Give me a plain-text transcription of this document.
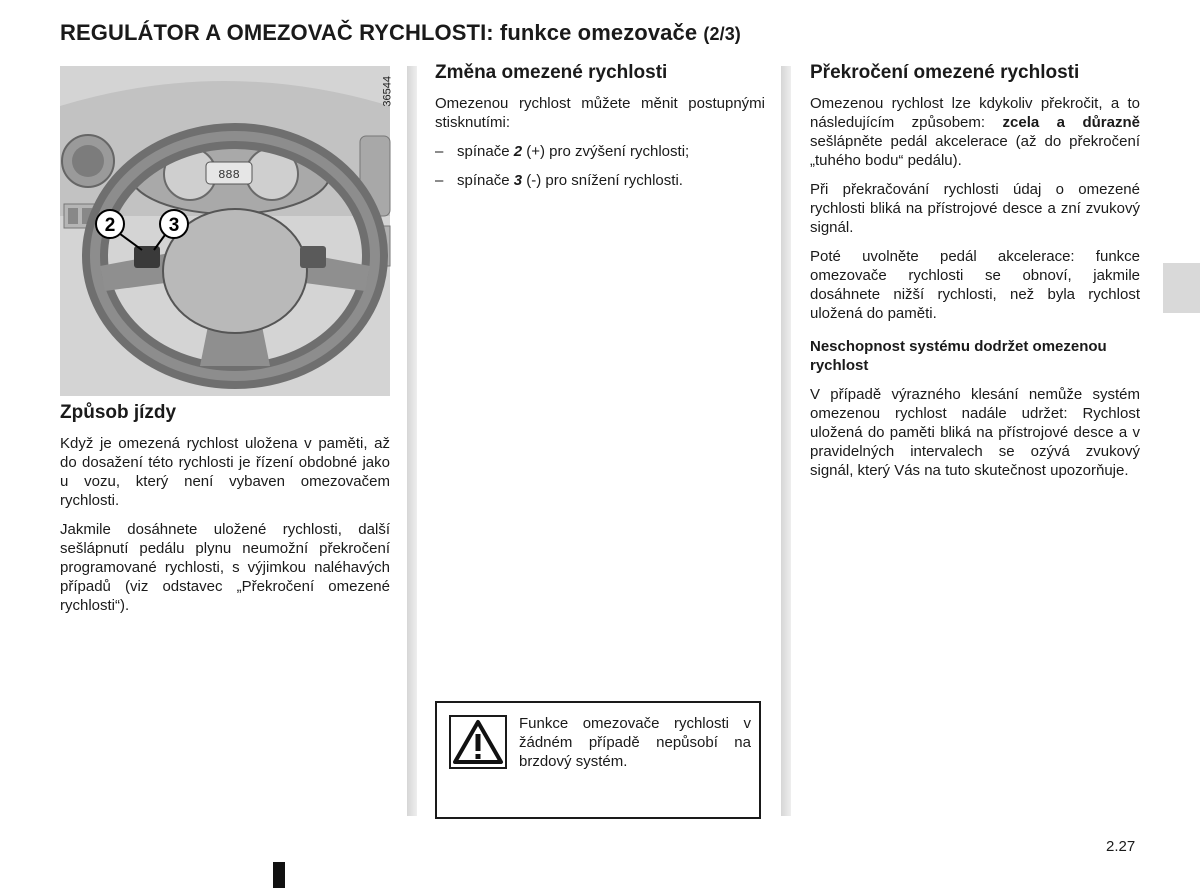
REGULÁTOR A OMEZOVAČ RYCHLOSTI: funkce omezovače (2/3)
888
2	3
36544
Způsob jízdy

Když je omezená rychlost uložena v paměti, až do dosažení této rychlosti je řízení obdobné jako u vozu, který není vybaven omezovačem rychlosti.

Jakmile dosáhnete uložené rychlosti, další sešlápnutí pedálu plynu neumožní překročení programované rychlosti, s výjimkou naléhavých případů (viz odstavec „Překročení omezené rychlosti“).

Změna omezené rychlosti

Omezenou rychlost můžete měnit postupnými stisknutími:

– spínače 2 (+) pro zvýšení rychlosti;
– spínače 3 (-) pro snížení rychlosti.
Překročení omezené rychlosti

Omezenou rychlost lze kdykoliv překročit, a to následujícím způsobem: zcela a důrazně sešlápněte pedál akcelerace (až do překročení „tuhého bodu“ pedálu).

Při překračování rychlosti údaj o omezené rychlosti bliká na přístrojové desce a zní zvukový signál.

Poté uvolněte pedál akcelerace: funkce omezovače rychlosti se obnoví, jakmile dosáhnete nižší rychlosti, než byla rychlost uložená do paměti.

Neschopnost systému dodržet omezenou rychlost

V případě výrazného klesání nemůže systém omezenou rychlost nadále udržet: Rychlost uložená do paměti bliká na přístrojové desce a v pravidelných intervalech se ozývá zvukový signál, který Vás na tuto skutečnost upozorňuje.

Funkce omezovače rychlosti v žádném případě nepůsobí na brzdový systém.
2.27
